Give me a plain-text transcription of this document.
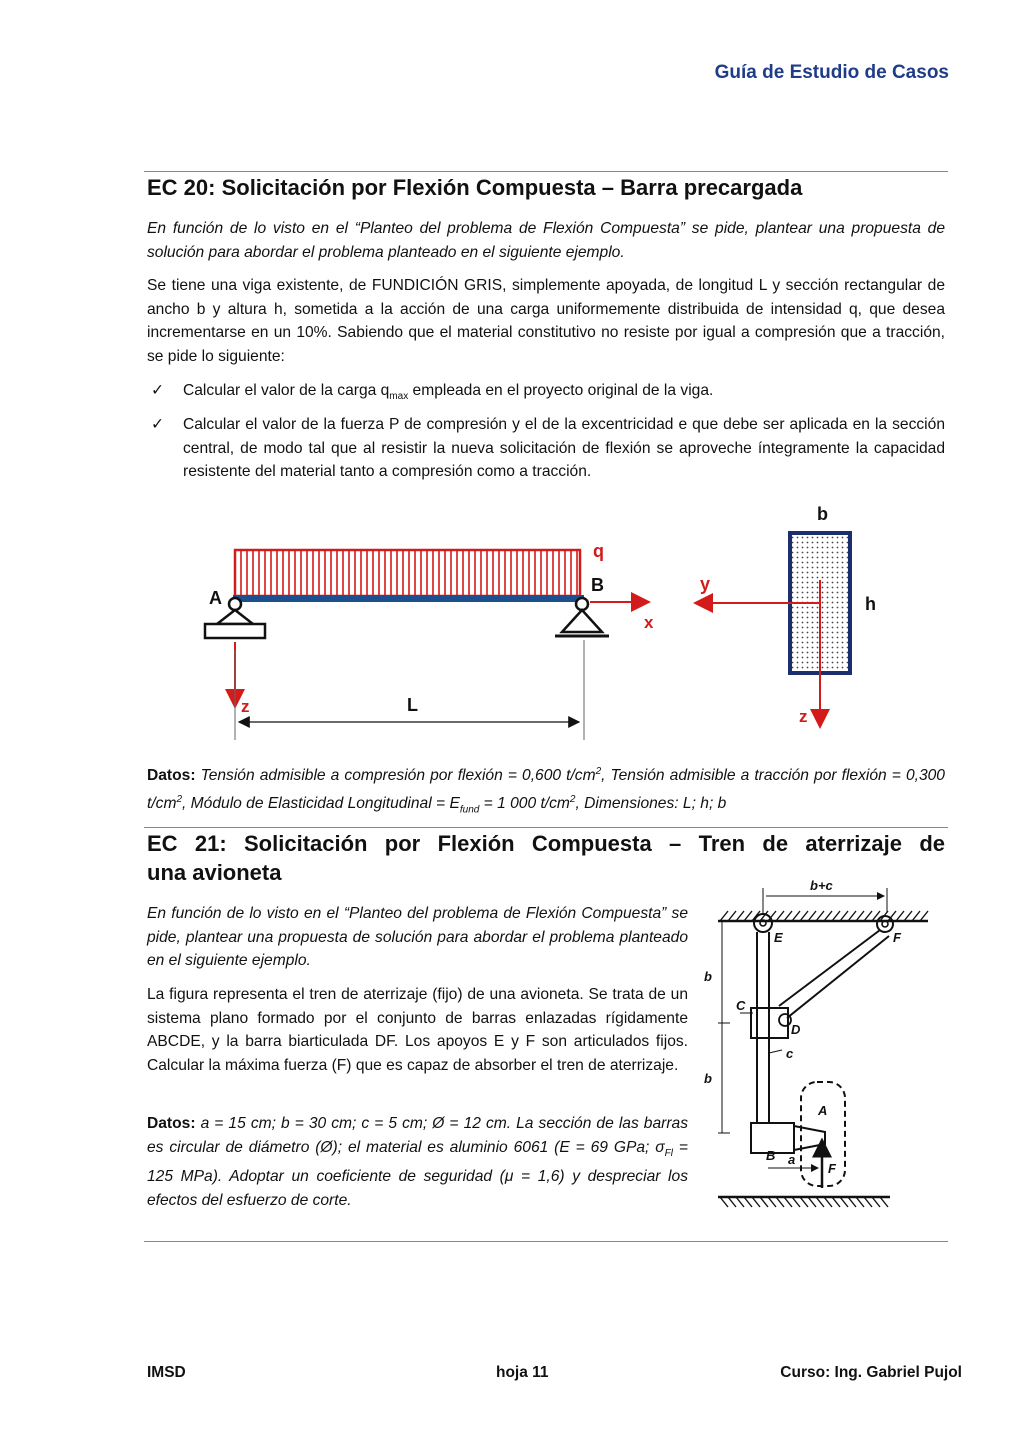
Guía de Estudio de Casos
EC 20: Solicitación por Flexión Compuesta – Barra precargada

En función de lo visto en el “Planteo del problema de Flexión Compuesta” se pide, plantear una propuesta de solución para abordar el problema planteado en el siguiente ejemplo.

Se tiene una viga existente, de FUNDICIÓN GRIS, simplemente apoyada, de longitud L y sección rectangular de ancho b y altura h, sometida a la acción de una carga uniformemente distribuida de intensidad q, que desea incrementarse en un 10%. Sabiendo que el material constitutivo no resiste por igual a compresión que a tracción, se pide lo siguiente:

✓ Calcular el valor de la carga $q_{max}$ empleada en el proyecto original de la viga.
✓ Calcular el valor de la fuerza P de compresión y el de la excentricidad e que debe ser aplicada en la sección central, de modo tal que al resistir la nueva solicitación de flexión se aproveche íntegramente la capacidad resistente del material tanto a compresión como a tracción.
q
A
B
x
z	L
y
z
b
h

Datos: Tensión admisible a compresión por flexión = 0,600 $t/cm^2$, Tensión admisible a tracción por flexión = 0,300 $t/cm^2$, Módulo de Elasticidad Longitudinal = $E_{fund} = 1$ 000 $t/cm^2$, Dimensiones: L; h; b

EC 21: Solicitación por Flexión Compuesta – Tren de aterrizaje de
una avioneta

En función de lo visto en el “Planteo del problema de Flexión Compuesta” se pide, plantear una propuesta de solución para abordar el problema planteado en el siguiente ejemplo.

La figura representa el tren de aterrizaje (fijo) de una avioneta. Se trata de un sistema plano formado por el conjunto de barras enlazadas rígidamente ABCDE, y la barra biarticulada DF. Los apoyos E y F son articulados fijos. Calcular la máxima fuerza (F) que es capaz de absorber el tren de aterrizaje.

Datos: a = 15 cm; b = 30 cm; c = 5 cm; Ø = 12 cm. La sección de las barras es circular de diámetro (Ø); el material es aluminio 6061 (E = 69 GPa; $\sigma_{Fl} = 125$ MPa). Adoptar un coeficiente de seguridad (μ = 1,6) y despreciar los efectos del esfuerzo de corte.

b+c
E	F
b
C
D
c
b
A
B a
F
IMSD	hoja 11	Curso: Ing. Gabriel Pujol
